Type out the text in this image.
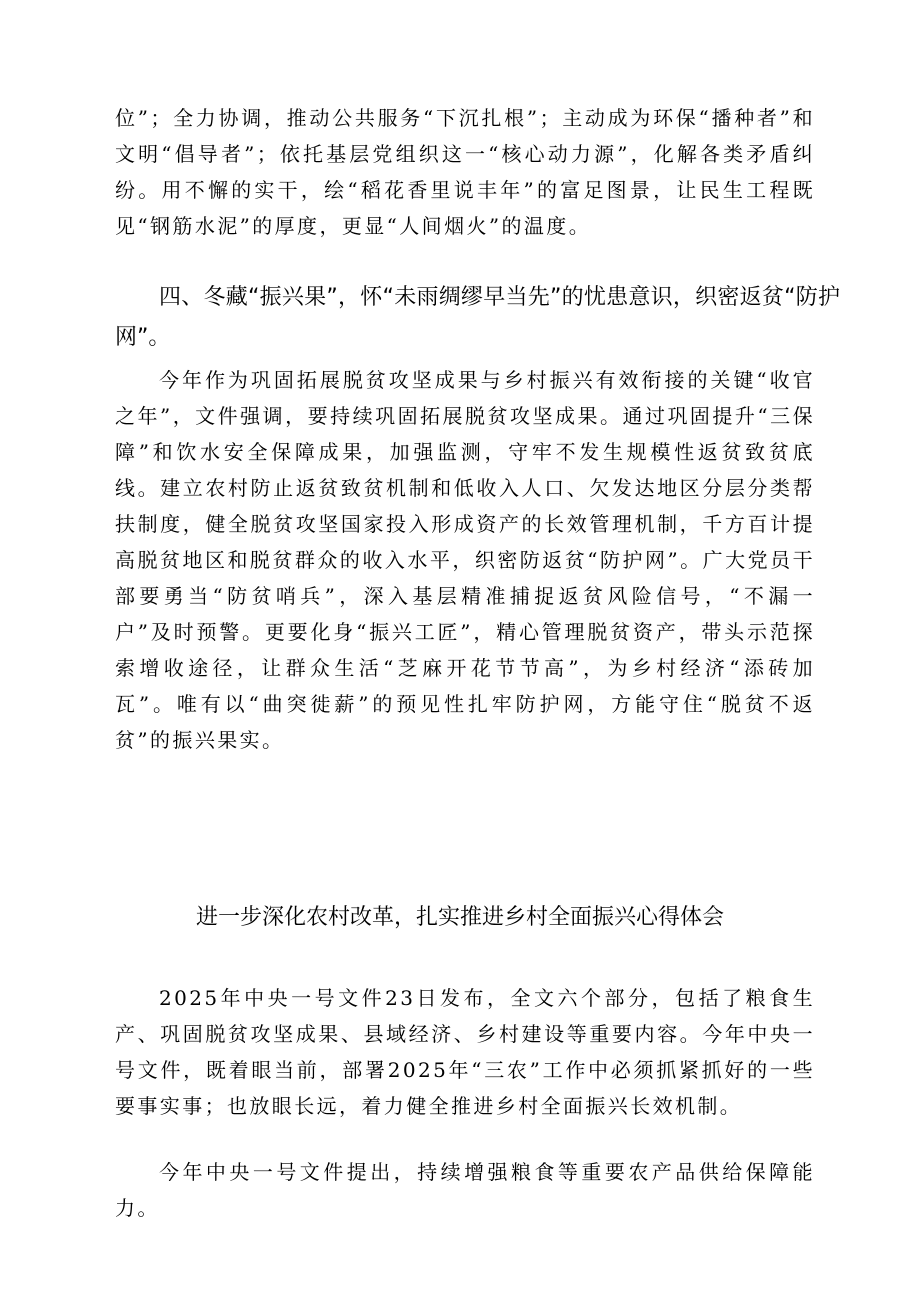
位”；全力协调，推动公共服务“下沉扎根”；主动成为环保“播种者”和文明“倡导者”；依托基层党组织这一“核心动力源”，化解各类矛盾纠纷。用不懈的实干，绘“稻花香里说丰年”的富足图景，让民生工程既见“钢筋水泥”的厚度，更显“人间烟火”的温度。

四、冬藏“振兴果”，怀“未雨绸缪早当先”的忧患意识，织密返贫“防护网”。

今年作为巩固拓展脱贫攻坚成果与乡村振兴有效衔接的关键“收官之年”，文件强调，要持续巩固拓展脱贫攻坚成果。通过巩固提升“三保障”和饮水安全保障成果，加强监测，守牢不发生规模性返贫致贫底线。建立农村防止返贫致贫机制和低收入人口、欠发达地区分层分类帮扶制度，健全脱贫攻坚国家投入形成资产的长效管理机制，千方百计提高脱贫地区和脱贫群众的收入水平，织密防返贫“防护网”。广大党员干部要勇当“防贫哨兵”，深入基层精准捕捉返贫风险信号，“不漏一户”及时预警。更要化身“振兴工匠”，精心管理脱贫资产，带头示范探索增收途径，让群众生活“芝麻开花节节高”，为乡村经济“添砖加瓦”。唯有以“曲突徙薪”的预见性扎牢防护网，方能守住“脱贫不返贫”的振兴果实。

进一步深化农村改革，扎实推进乡村全面振兴心得体会

2025年中央一号文件23日发布，全文六个部分，包括了粮食生产、巩固脱贫攻坚成果、县域经济、乡村建设等重要内容。今年中央一号文件，既着眼当前，部署2025年“三农”工作中必须抓紧抓好的一些要事实事；也放眼长远，着力健全推进乡村全面振兴长效机制。

今年中央一号文件提出，持续增强粮食等重要农产品供给保障能力。
